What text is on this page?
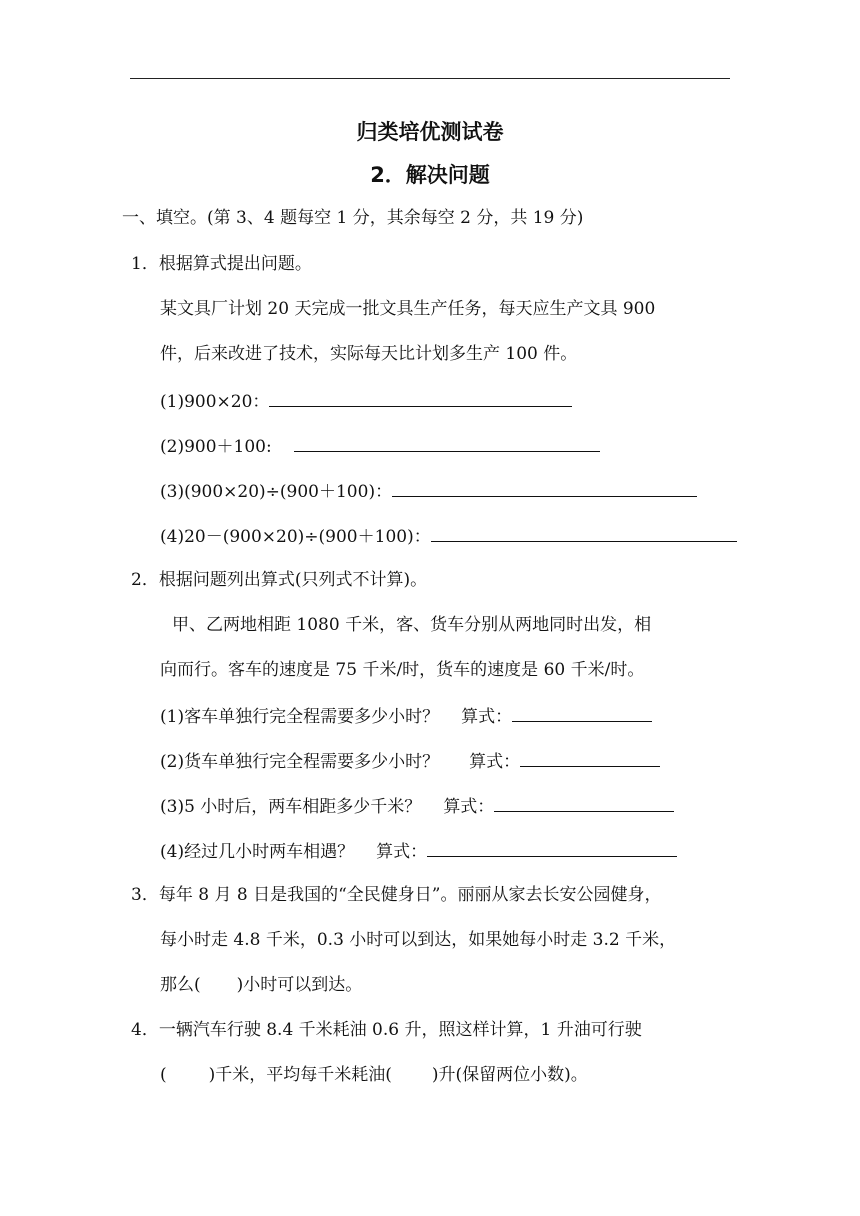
归类培优测试卷
2．解决问题
一、填空。(第 3、4 题每空 1 分，其余每空 2 分，共 19 分)
1．根据算式提出问题。
某文具厂计划 20 天完成一批文具生产任务，每天应生产文具 900
件，后来改进了技术，实际每天比计划多生产 100 件。
(1)900×20：
(2)900＋100:
(3)(900×20)÷(900＋100)：
(4)20－(900×20)÷(900＋100)：
2．根据问题列出算式(只列式不计算)。
甲、乙两地相距 1080 千米，客、货车分别从两地同时出发，相
向而行。客车的速度是 75 千米/时，货车的速度是 60 千米/时。
(1)客车单独行完全程需要多少小时？ 算式：
(2)货车单独行完全程需要多少小时？ 算式：
(3)5 小时后，两车相距多少千米？ 算式：
(4)经过几小时两车相遇？ 算式：
3．每年 8 月 8 日是我国的“全民健身日”。丽丽从家去长安公园健身，
每小时走 4.8 千米，0.3 小时可以到达，如果她每小时走 3.2 千米，
那么( )小时可以到达。
4．一辆汽车行驶 8.4 千米耗油 0.6 升，照这样计算，1 升油可行驶
( )千米，平均每千米耗油( )升(保留两位小数)。
